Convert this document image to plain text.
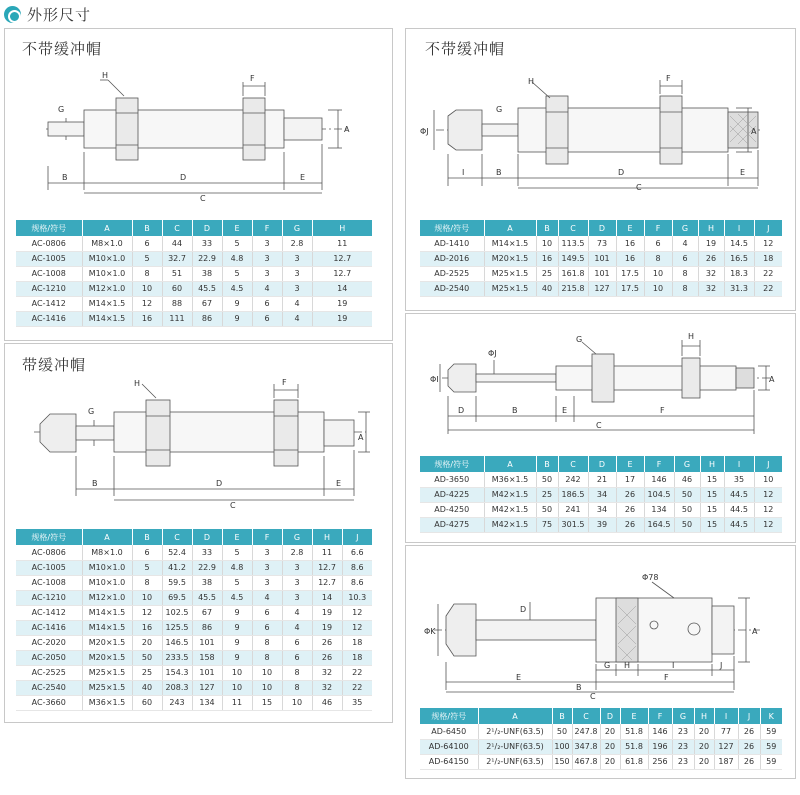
外形尺寸
不带缓冲帽
G
H	F
A
B	D	E
C
规格/符号	A	B	C	D	E	F	G	H
AC-0806	M8×1.0	6	44	33	5	3	2.8	11
AC-1005	M10×1.0	5	32.7	22.9	4.8	3	3	12.7
AC-1008	M10×1.0	8	51	38	5	3	3	12.7
AC-1210	M12×1.0	10	60	45.5	4.5	4	3	14
AC-1412	M14×1.5	12	88	67	9	6	4	19
AC-1416	M14×1.5	16	111	86	9	6	4	19
带缓冲帽
G
H	F
A
B	D	E
C
规格/符号	A	B	C	D	E	F	G	H	J
AC-0806	M8×1.0	6	52.4	33	5	3	2.8	11	6.6
AC-1005	M10×1.0	5	41.2	22.9	4.8	3	3	12.7	8.6
AC-1008	M10×1.0	8	59.5	38	5	3	3	12.7	8.6
AC-1210	M12×1.0	10	69.5	45.5	4.5	4	3	14	10.3
AC-1412	M14×1.5	12	102.5	67	9	6	4	19	12
AC-1416	M14×1.5	16	125.5	86	9	6	4	19	12
AC-2020	M20×1.5	20	146.5	101	9	8	6	26	18
AC-2050	M20×1.5	50	233.5	158	9	8	6	26	18
AC-2525	M25×1.5	25	154.3	101	10	10	8	32	22
AC-2540	M25×1.5	40	208.3	127	10	10	8	32	22
AC-3660	M36×1.5	60	243	134	11	15	10	46	35
不带缓冲帽
ΦJ
G
H	F
A
I	B	D	E
C
规格/符号	A	B	C	D	E	F	G	H	I	J
AD-1410	M14×1.5	10	113.5	73	16	6	4	19	14.5	12
AD-2016	M20×1.5	16	149.5	101	16	8	6	26	16.5	18
AD-2525	M25×1.5	25	161.8	101	17.5	10	8	32	18.3	22
AD-2540	M25×1.5	40	215.8	127	17.5	10	8	32	31.3	22
ΦI
ΦJ
G	H
A
D	B	E	F
C
规格/符号	A	B	C	D	E	F	G	H	I	J
AD-3650	M36×1.5	50	242	21	17	146	46	15	35	10
AD-4225	M42×1.5	25	186.5	34	26	104.5	50	15	44.5	12
AD-4250	M42×1.5	50	241	34	26	134	50	15	44.5	12
AD-4275	M42×1.5	75	301.5	39	26	164.5	50	15	44.5	12
Φ78
ΦK
D
A
G H	I	J
E	F
B
C
规格/符号	A	B	C	D	E	F	G	H	I	J	K
AD-6450	2¹/₂-UNF(63.5)	50	247.8	20	51.8	146	23	20	77	26	59
AD-64100	2¹/₂-UNF(63.5)	100	347.8	20	51.8	196	23	20	127	26	59
AD-64150	2¹/₂-UNF(63.5)	150	467.8	20	61.8	256	23	20	187	26	59
